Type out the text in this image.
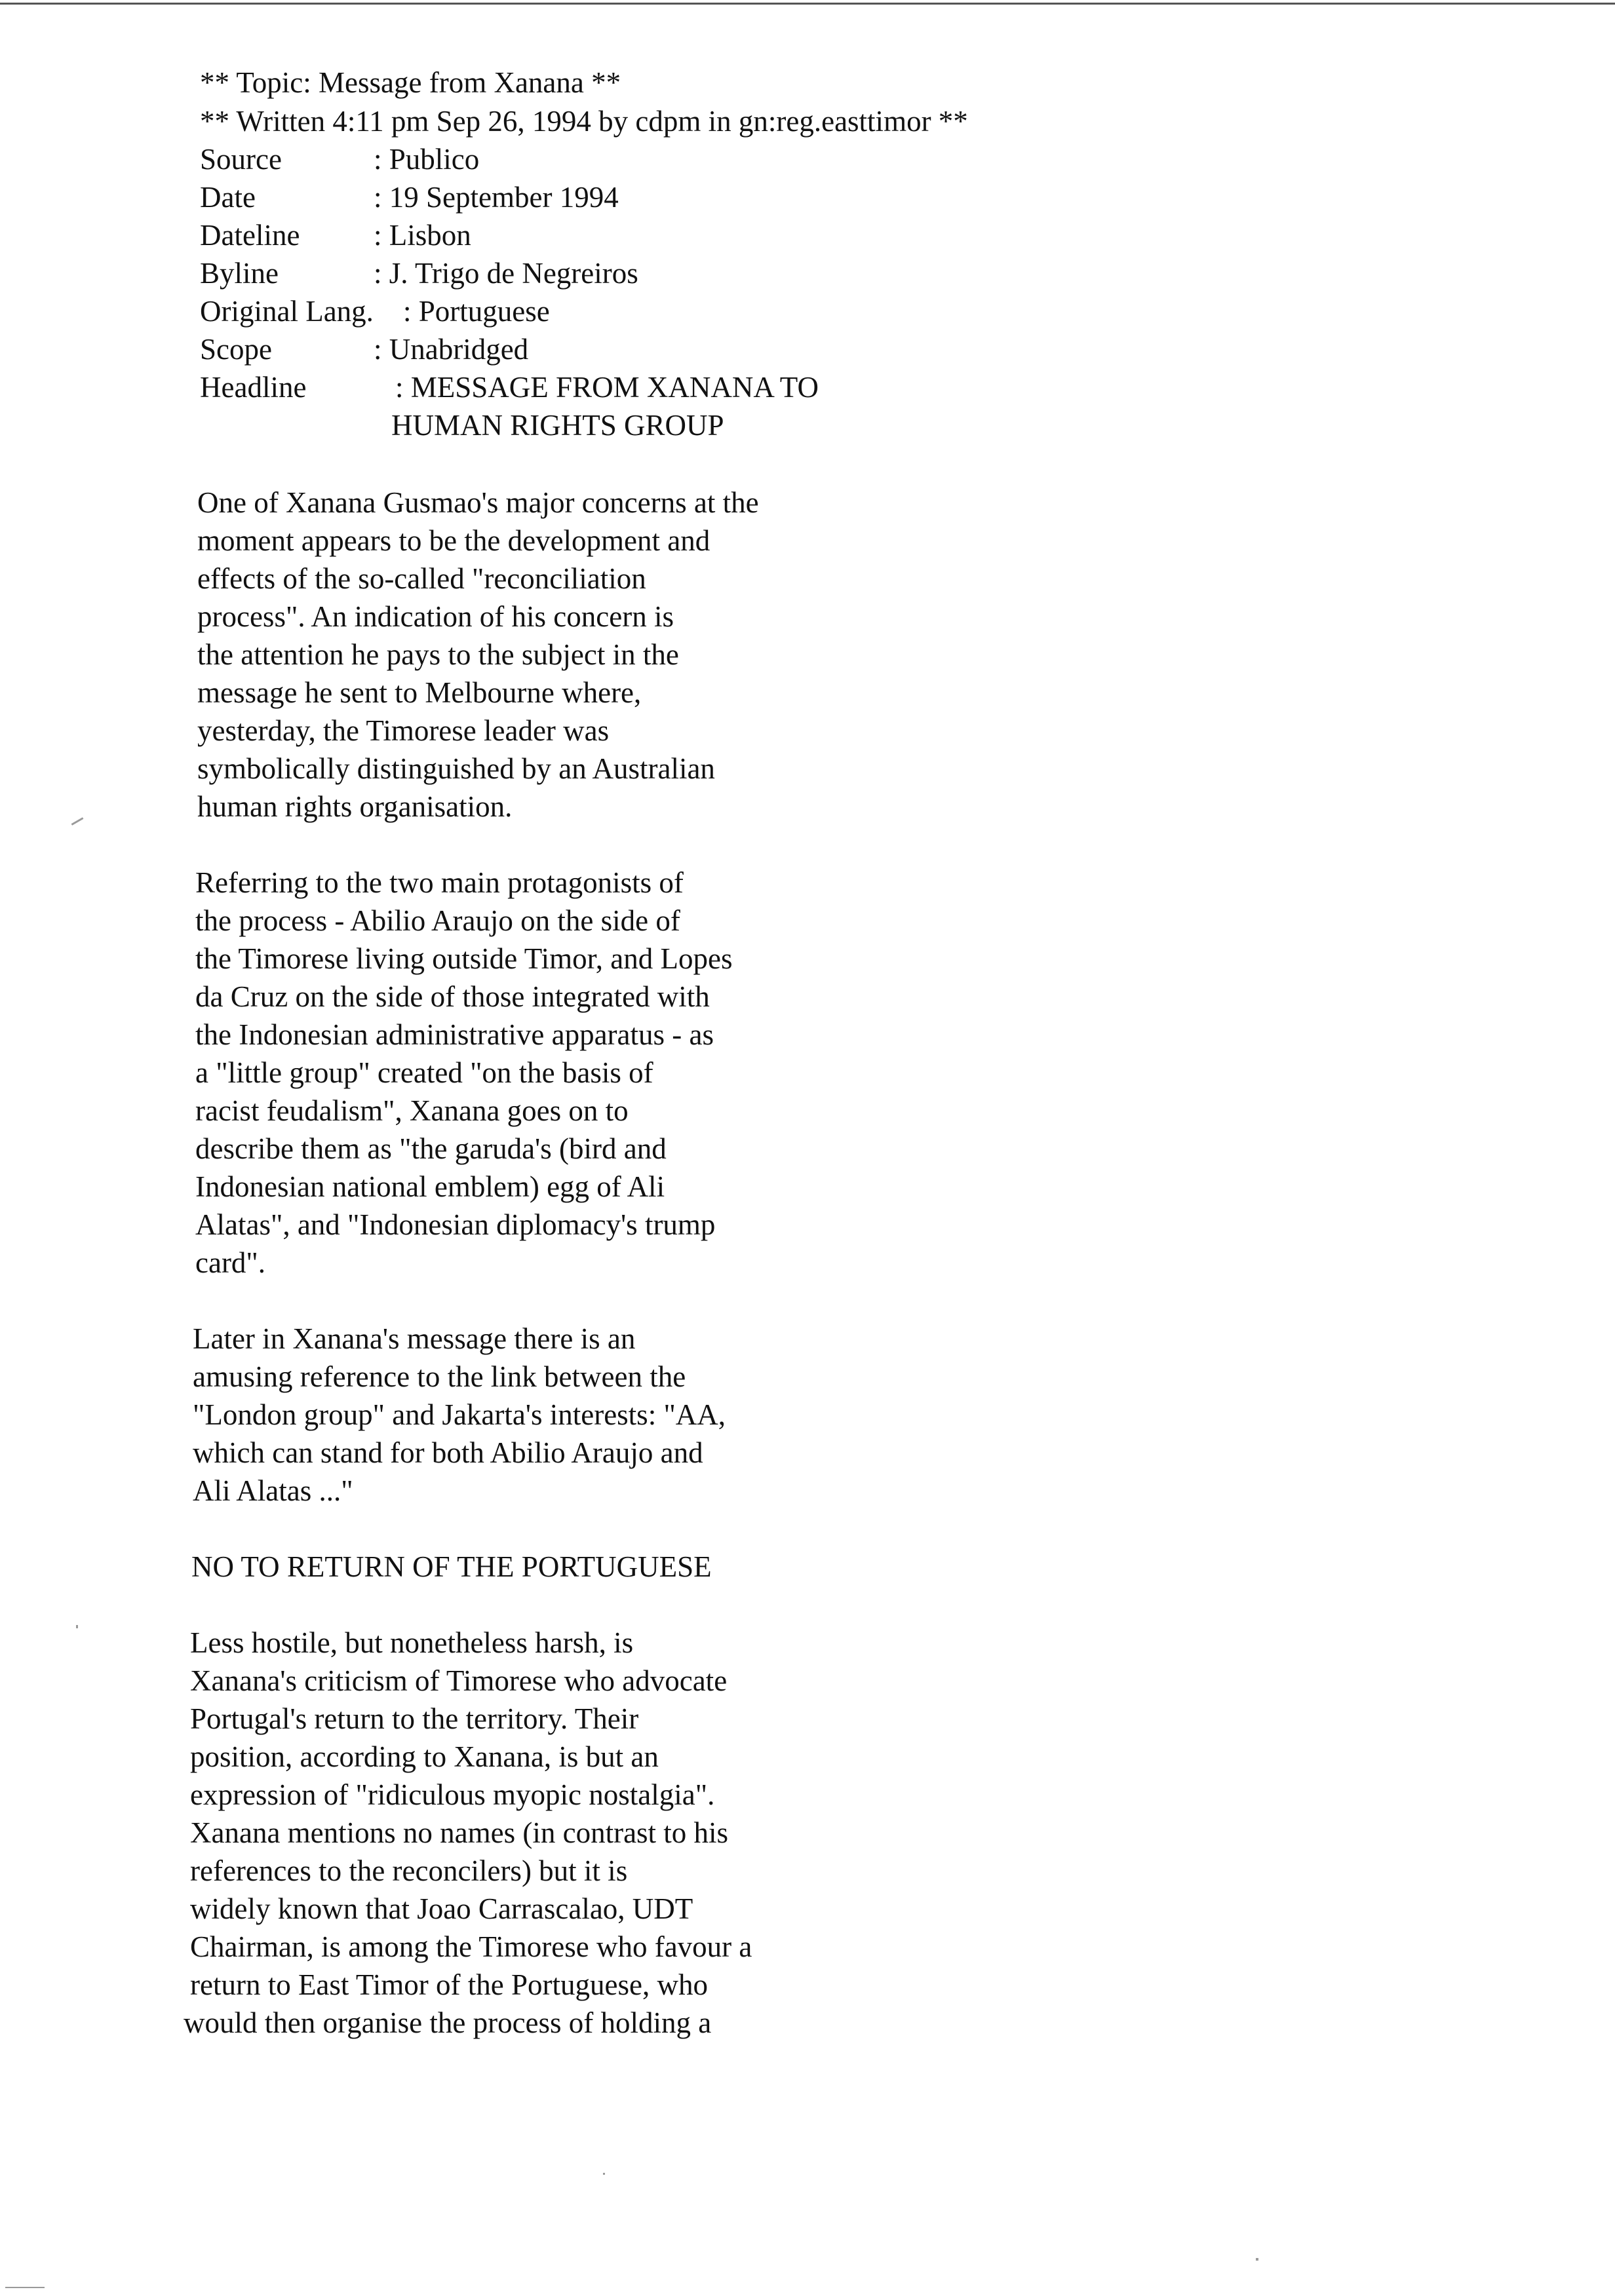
** Topic: Message from Xanana **
** Written 4:11 pm Sep 26, 1994 by cdpm in gn:reg.easttimor **
Source	: Publico
Date	: 19 September 1994
Dateline	: Lisbon
Byline	: J. Trigo de Negreiros
Original Lang. : Portuguese
Scope	: Unabridged
Headline	: MESSAGE FROM XANANA TO
HUMAN RIGHTS GROUP
One of Xanana Gusmao's major concerns at the
moment appears to be the development and
effects of the so-called "reconciliation
process". An indication of his concern is
the attention he pays to the subject in the
message he sent to Melbourne where,
yesterday, the Timorese leader was
symbolically distinguished by an Australian
human rights organisation.
Referring to the two main protagonists of
the process - Abilio Araujo on the side of
the Timorese living outside Timor, and Lopes
da Cruz on the side of those integrated with
the Indonesian administrative apparatus - as
a "little group" created "on the basis of
racist feudalism", Xanana goes on to
describe them as "the garuda's (bird and
Indonesian national emblem) egg of Ali
Alatas", and "Indonesian diplomacy's trump
card".
Later in Xanana's message there is an
amusing reference to the link between the
"London group" and Jakarta's interests: "AA,
which can stand for both Abilio Araujo and
Ali Alatas ..."
NO TO RETURN OF THE PORTUGUESE
Less hostile, but nonetheless harsh, is
Xanana's criticism of Timorese who advocate
Portugal's return to the territory. Their
position, according to Xanana, is but an
expression of "ridiculous myopic nostalgia".
Xanana mentions no names (in contrast to his
references to the reconcilers) but it is
widely known that Joao Carrascalao, UDT
Chairman, is among the Timorese who favour a
return to East Timor of the Portuguese, who
would then organise the process of holding a
